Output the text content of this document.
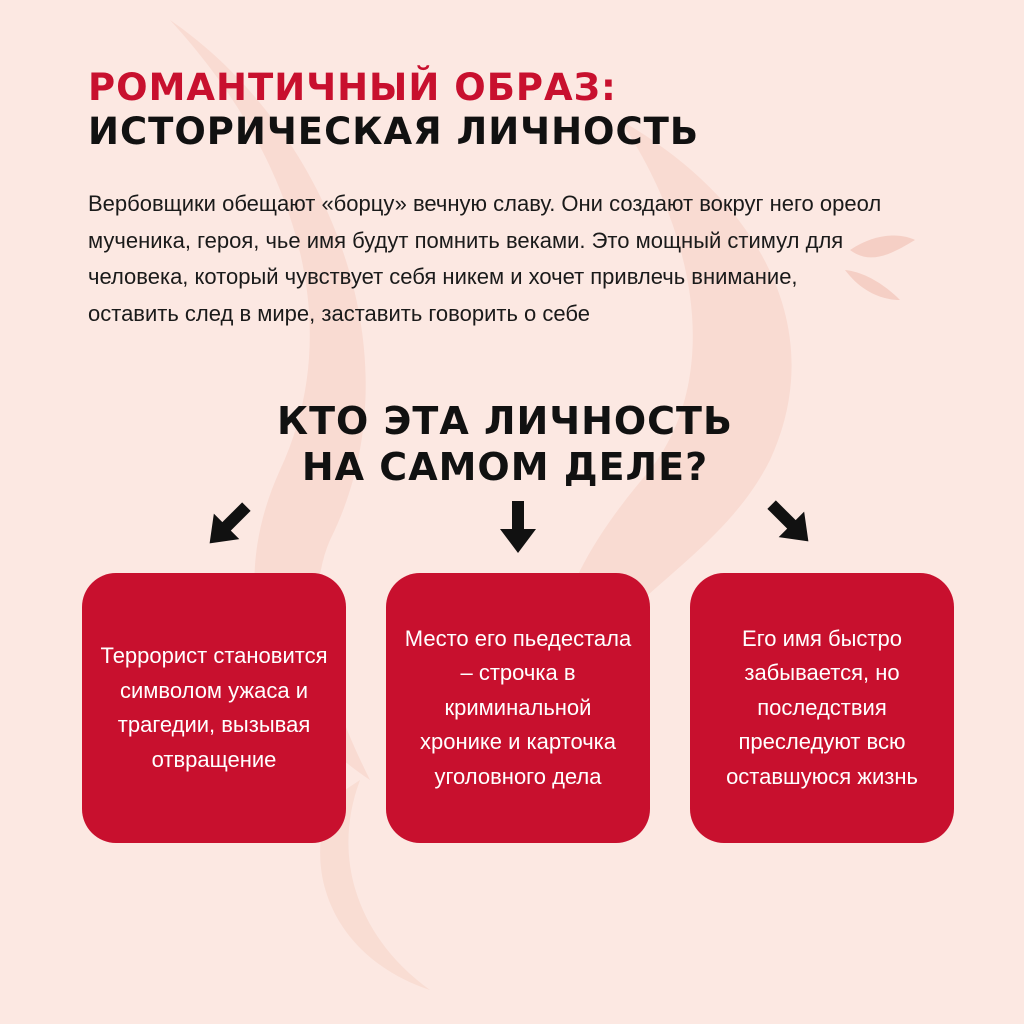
РОМАНТИЧНЫЙ ОБРАЗ:
ИСТОРИЧЕСКАЯ ЛИЧНОСТЬ

Вербовщики обещают «борцу» вечную славу. Они создают вокруг него ореол мученика, героя, чье имя будут помнить веками. Это мощный стимул для человека, который чувствует себя никем и хочет привлечь внимание, оставить след в мире, заставить говорить о себе

КТО ЭТА ЛИЧНОСТЬ
НА САМОМ ДЕЛЕ?
Террорист становится символом ужаса и трагедии, вызывая отвращение
Место его пьедестала – строчка в криминальной хронике и карточка уголовного дела
Его имя быстро забывается, но последствия преследуют всю оставшуюся жизнь
